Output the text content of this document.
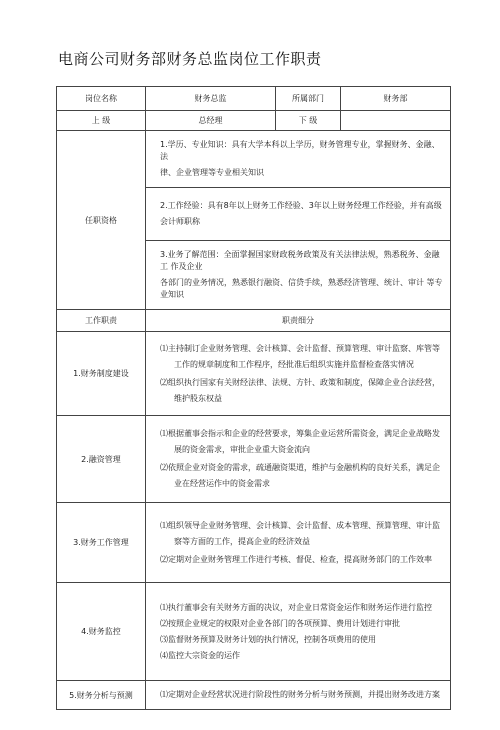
电商公司财务部财务总监岗位工作职责
岗位名称	财务总监	所属部门	财务部
上 级	总经理	下 级	
任职资格	1.学历、专业知识：具有大学本科以上学历，财务管理专业，掌握财务、金融、法
律、企业管理等专业相关知识		

	2.工作经验：具有8年以上财务工作经验、3年以上财务经理工作经验，并有高级
会计师职称		

	3.业务了解范围：全面掌握国家财政税务政策及有关法律法规，熟悉税务、金融工 作及企业
各部门的业务情况，熟悉银行融资、信贷手续，熟悉经济管理、统计、审计 等专业知识		

工作职责	职责细分		
1.财务制度建设	⑴主持制订企业财务管理、会计核算、会计监督、预算管理、审计监察、库管等
工作的规章制度和工作程序，经批准后组织实施并监督检查落实情况
⑵组织执行国家有关财经法律、法规、方针、政策和制度，保障企业合法经营，
维护股东权益		

2.融资管理	⑴根据董事会指示和企业的经营要求，筹集企业运营所需资金，满足企业战略发
展的资金需求，审批企业重大资金流向
⑵依照企业对资金的需求，疏通融资渠道，维护与金融机构的良好关系，满足企
业在经营运作中的资金需求		

3.财务工作管理	⑴组织领导企业财务管理、会计核算、会计监督、成本管理、预算管理、审计监
察等方面的工作，提高企业的经济效益
⑵定期对企业财务管理工作进行考核、督促、检查，提高财务部门的工作效率		

4.财务监控	⑴执行董事会有关财务方面的决议，对企业日常资金运作和财务运作进行监控
⑵按照企业规定的权限对企业各部门的各项预算、费用计划进行审批
⑶监督财务预算及财务计划的执行情况，控制各项费用的使用
⑷监控大宗资金的运作		

5.财务分析与预测	⑴定期对企业经营状况进行阶段性的财务分析与财务预测，并提出财务改进方案		
